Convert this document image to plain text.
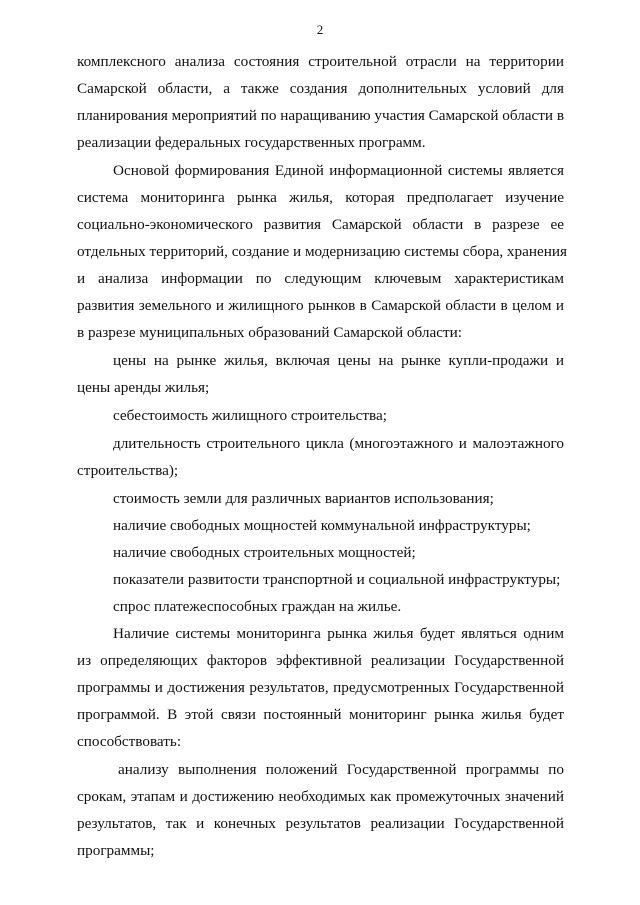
2
комплексного анализа состояния строительной отрасли на территории
Самарской области, а также создания дополнительных условий для
планирования мероприятий по наращиванию участия Самарской области в
реализации федеральных государственных программ.
Основой формирования Единой информационной системы является
система мониторинга рынка жилья, которая предполагает изучение
социально-экономического развития Самарской области в разрезе ее
отдельных территорий, создание и модернизацию системы сбора, хранения
и анализа информации по следующим ключевым характеристикам
развития земельного и жилищного рынков в Самарской области в целом и
в разрезе муниципальных образований Самарской области:
цены на рынке жилья, включая цены на рынке купли-продажи и
цены аренды жилья;
себестоимость жилищного строительства;
длительность строительного цикла (многоэтажного и малоэтажного
строительства);
стоимость земли для различных вариантов использования;
наличие свободных мощностей коммунальной инфраструктуры;
наличие свободных строительных мощностей;
показатели развитости транспортной и социальной инфраструктуры;
спрос платежеспособных граждан на жилье.
Наличие системы мониторинга рынка жилья будет являться одним
из определяющих факторов эффективной реализации Государственной
программы и достижения результатов, предусмотренных Государственной
программой. В этой связи постоянный мониторинг рынка жилья будет
способствовать:
анализу выполнения положений Государственной программы по
срокам, этапам и достижению необходимых как промежуточных значений
результатов, так и конечных результатов реализации Государственной
программы;
